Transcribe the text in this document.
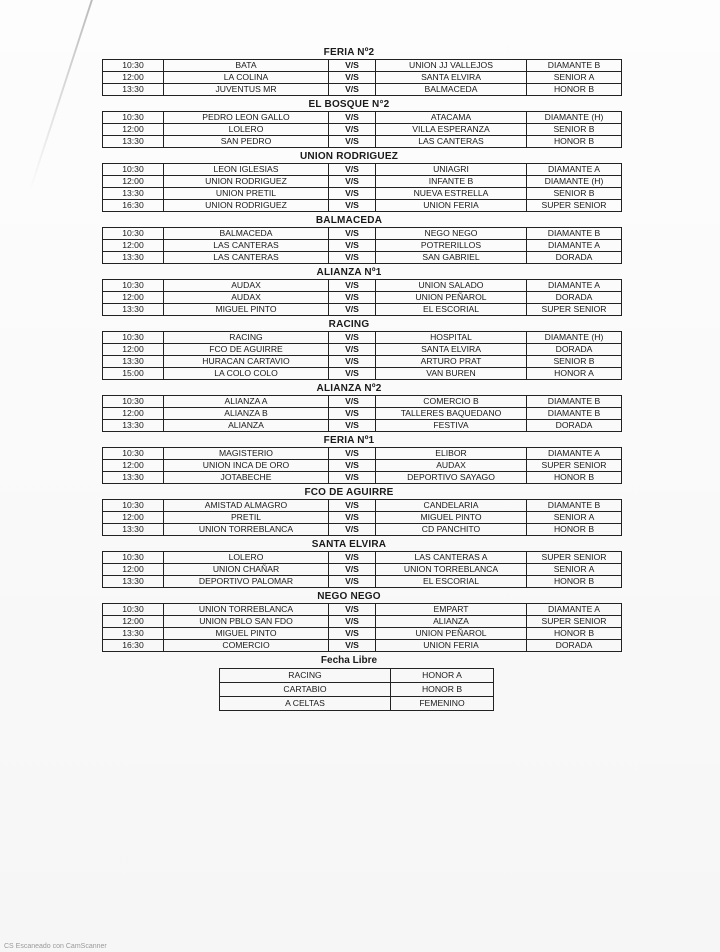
FERIA Nº2
10:30	BATA	V/S	UNION JJ VALLEJOS	DIAMANTE B
12:00	LA COLINA	V/S	SANTA ELVIRA	SENIOR A
13:30	JUVENTUS MR	V/S	BALMACEDA	HONOR B
EL BOSQUE N°2
10:30	PEDRO LEON GALLO	V/S	ATACAMA	DIAMANTE (H)
12:00	LOLERO	V/S	VILLA ESPERANZA	SENIOR B
13:30	SAN PEDRO	V/S	LAS CANTERAS	HONOR B
UNION RODRIGUEZ
10:30	LEON IGLESIAS	V/S	UNIAGRI	DIAMANTE A
12:00	UNION RODRIGUEZ	V/S	INFANTE B	DIAMANTE (H)
13:30	UNION PRETIL	V/S	NUEVA ESTRELLA	SENIOR B
16:30	UNION RODRIGUEZ	V/S	UNION FERIA	SUPER SENIOR
BALMACEDA
10:30	BALMACEDA	V/S	NEGO NEGO	DIAMANTE B
12:00	LAS CANTERAS	V/S	POTRERILLOS	DIAMANTE A
13:30	LAS CANTERAS	V/S	SAN GABRIEL	DORADA
ALIANZA Nº1
10:30	AUDAX	V/S	UNION SALADO	DIAMANTE A
12:00	AUDAX	V/S	UNION PEÑAROL	DORADA
13:30	MIGUEL PINTO	V/S	EL ESCORIAL	SUPER SENIOR
RACING
10:30	RACING	V/S	HOSPITAL	DIAMANTE (H)
12:00	FCO DE AGUIRRE	V/S	SANTA ELVIRA	DORADA
13:30	HURACAN CARTAVIO	V/S	ARTURO PRAT	SENIOR B
15:00	LA COLO COLO	V/S	VAN BUREN	HONOR A
ALIANZA Nº2
10:30	ALIANZA A	V/S	COMERCIO B	DIAMANTE B
12:00	ALIANZA B	V/S	TALLERES BAQUEDANO	DIAMANTE B
13:30	ALIANZA	V/S	FESTIVA	DORADA
FERIA Nº1
10:30	MAGISTERIO	V/S	ELIBOR	DIAMANTE A
12:00	UNION INCA DE ORO	V/S	AUDAX	SUPER SENIOR
13:30	JOTABECHE	V/S	DEPORTIVO SAYAGO	HONOR B
FCO DE AGUIRRE
10:30	AMISTAD ALMAGRO	V/S	CANDELARIA	DIAMANTE B
12:00	PRETIL	V/S	MIGUEL PINTO	SENIOR A
13:30	UNION TORREBLANCA	V/S	CD PANCHITO	HONOR B
SANTA ELVIRA
10:30	LOLERO	V/S	LAS CANTERAS A	SUPER SENIOR
12:00	UNION CHAÑAR	V/S	UNION TORREBLANCA	SENIOR A
13:30	DEPORTIVO PALOMAR	V/S	EL ESCORIAL	HONOR B
NEGO NEGO
10:30	UNION TORREBLANCA	V/S	EMPART	DIAMANTE A
12:00	UNION PBLO SAN FDO	V/S	ALIANZA	SUPER SENIOR
13:30	MIGUEL PINTO	V/S	UNION PEÑAROL	HONOR B
16:30	COMERCIO	V/S	UNION FERIA	DORADA
Fecha Libre
RACING	HONOR A
CARTABIO	HONOR B
A CELTAS	FEMENINO
CS Escaneado con CamScanner
